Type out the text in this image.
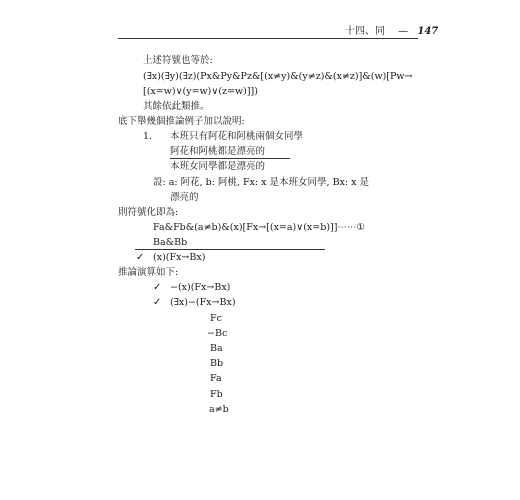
十四、同 　— 147
上述符號也等於:
(∃x)(∃y)(∃z)(Px&Py&Pz&[(x≠y)&(y≠z)&(x≠z)]&(w)[Pw→
[(x=w)∨(y=w)∨(z=w)]])
其餘依此類推。
底下舉幾個推論例子加以說明:
1. 本班只有阿花和阿桃兩個女同學
阿花和阿桃都是漂亮的
本班女同學都是漂亮的
設: a: 阿花, b: 阿桃, Fx: x 是本班女同學, Bx: x 是
漂亮的
則符號化即為:
Fa&Fb&(a≠b)&(x)[Fx→[(x=a)∨(x=b)]]⋯⋯①
Ba&Bb
✓ (x)(Fx→Bx)
推論演算如下:
✓ −(x)(Fx→Bx)
✓ (∃x)−(Fx→Bx)
Fc
−Bc
Ba
Bb
Fa
Fb
a≠b
